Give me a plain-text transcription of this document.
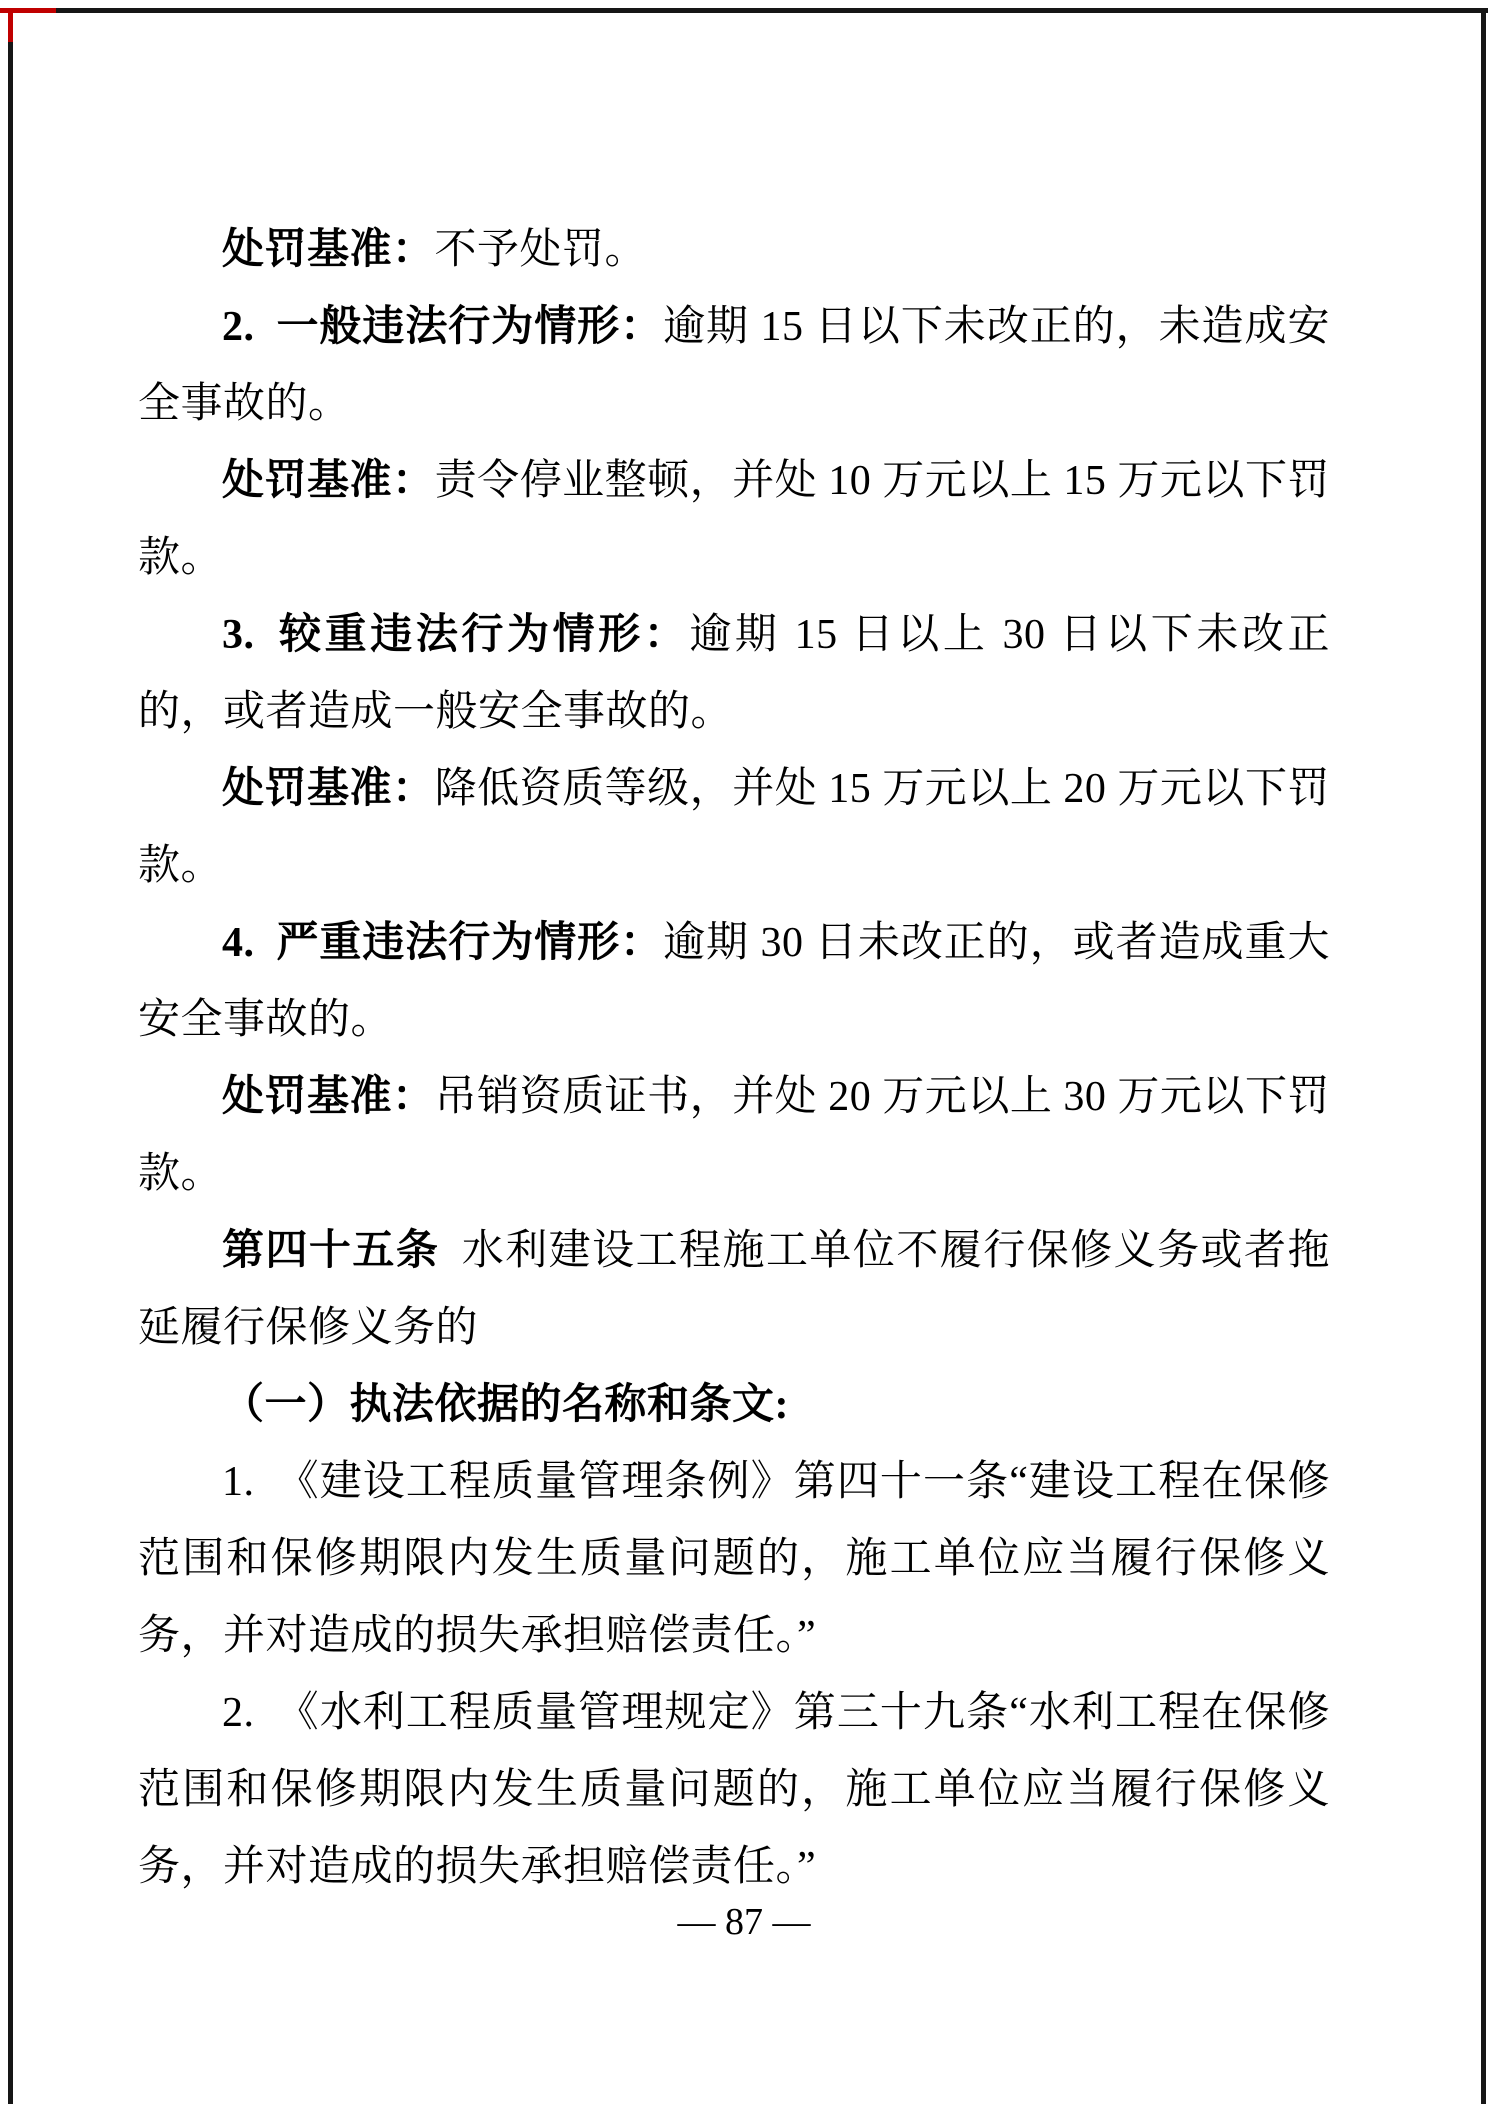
处罚基准：不予处罚。

2. 一般违法行为情形：逾期 15 日以下未改正的，未造成安全事故的。

处罚基准：责令停业整顿，并处 10 万元以上 15 万元以下罚款。

3. 较重违法行为情形：逾期 15 日以上 30 日以下未改正的，或者造成一般安全事故的。

处罚基准：降低资质等级，并处 15 万元以上 20 万元以下罚款。

4. 严重违法行为情形：逾期 30 日未改正的，或者造成重大安全事故的。

处罚基准：吊销资质证书，并处 20 万元以上 30 万元以下罚款。

第四十五条 水利建设工程施工单位不履行保修义务或者拖延履行保修义务的

（一）执法依据的名称和条文:

1. 《建设工程质量管理条例》第四十一条“建设工程在保修范围和保修期限内发生质量问题的，施工单位应当履行保修义务，并对造成的损失承担赔偿责任。”

2. 《水利工程质量管理规定》第三十九条“水利工程在保修范围和保修期限内发生质量问题的，施工单位应当履行保修义务，并对造成的损失承担赔偿责任。”

— 87 —
